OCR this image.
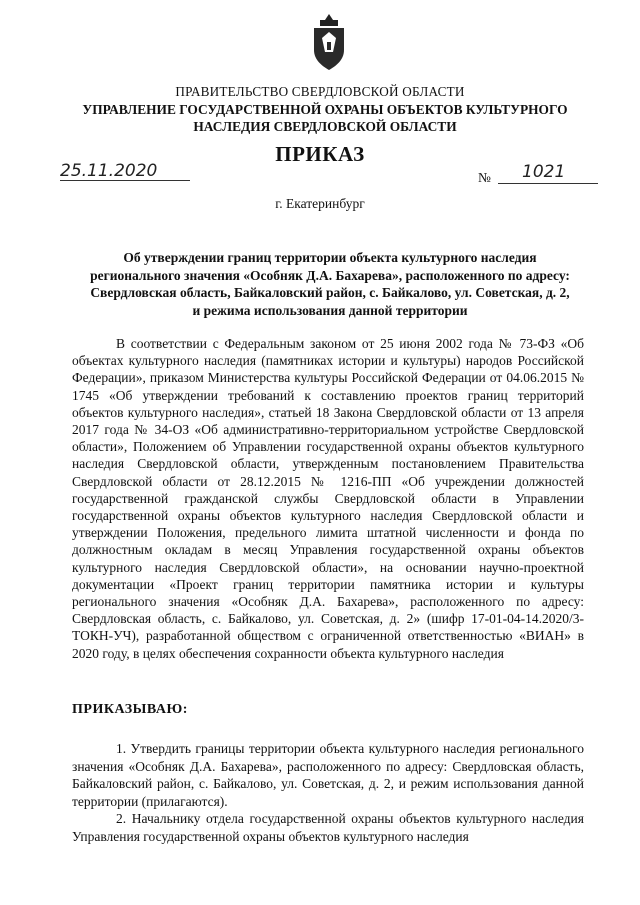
ПРАВИТЕЛЬСТВО СВЕРДЛОВСКОЙ ОБЛАСТИ
УПРАВЛЕНИЕ ГОСУДАРСТВЕННОЙ ОХРАНЫ ОБЪЕКТОВ КУЛЬТУРНОГО НАСЛЕДИЯ СВЕРДЛОВСКОЙ ОБЛАСТИ
ПРИКАЗ
25.11.2020	№ 1021
г. Екатеринбург
Об утверждении границ территории объекта культурного наследия регионального значения «Особняк Д.А. Бахарева», расположенного по адресу: Свердловская область, Байкаловский район, с. Байкалово, ул. Советская, д. 2, и режима использования данной территории

В соответствии с Федеральным законом от 25 июня 2002 года № 73-ФЗ «Об объектах культурного наследия (памятниках истории и культуры) народов Российской Федерации», приказом Министерства культуры Российской Федерации от 04.06.2015 № 1745 «Об утверждении требований к составлению проектов границ территорий объектов культурного наследия», статьей 18 Закона Свердловской области от 13 апреля 2017 года № 34-ОЗ «Об административно-территориальном устройстве Свердловской области», Положением об Управлении государственной охраны объектов культурного наследия Свердловской области, утвержденным постановлением Правительства Свердловской области от 28.12.2015 № 1216-ПП «Об учреждении должностей государственной гражданской службы Свердловской области в Управлении государственной охраны объектов культурного наследия Свердловской области и утверждении Положения, предельного лимита штатной численности и фонда по должностным окладам в месяц Управления государственной охраны объектов культурного наследия Свердловской области», на основании научно-проектной документации «Проект границ территории памятника истории и культуры регионального значения «Особняк Д.А. Бахарева», расположенного по адресу: Свердловская область, с. Байкалово, ул. Советская, д. 2» (шифр 17-01-04-14.2020/3-ТОКН-УЧ), разработанной обществом с ограниченной ответственностью «ВИАН» в 2020 году, в целях обеспечения сохранности объекта культурного наследия

ПРИКАЗЫВАЮ:

1. Утвердить границы территории объекта культурного наследия регионального значения «Особняк Д.А. Бахарева», расположенного по адресу: Свердловская область, Байкаловский район, с. Байкалово, ул. Советская, д. 2, и режим использования данной территории (прилагаются).

2. Начальнику отдела государственной охраны объектов культурного наследия Управления государственной охраны объектов культурного наследия
